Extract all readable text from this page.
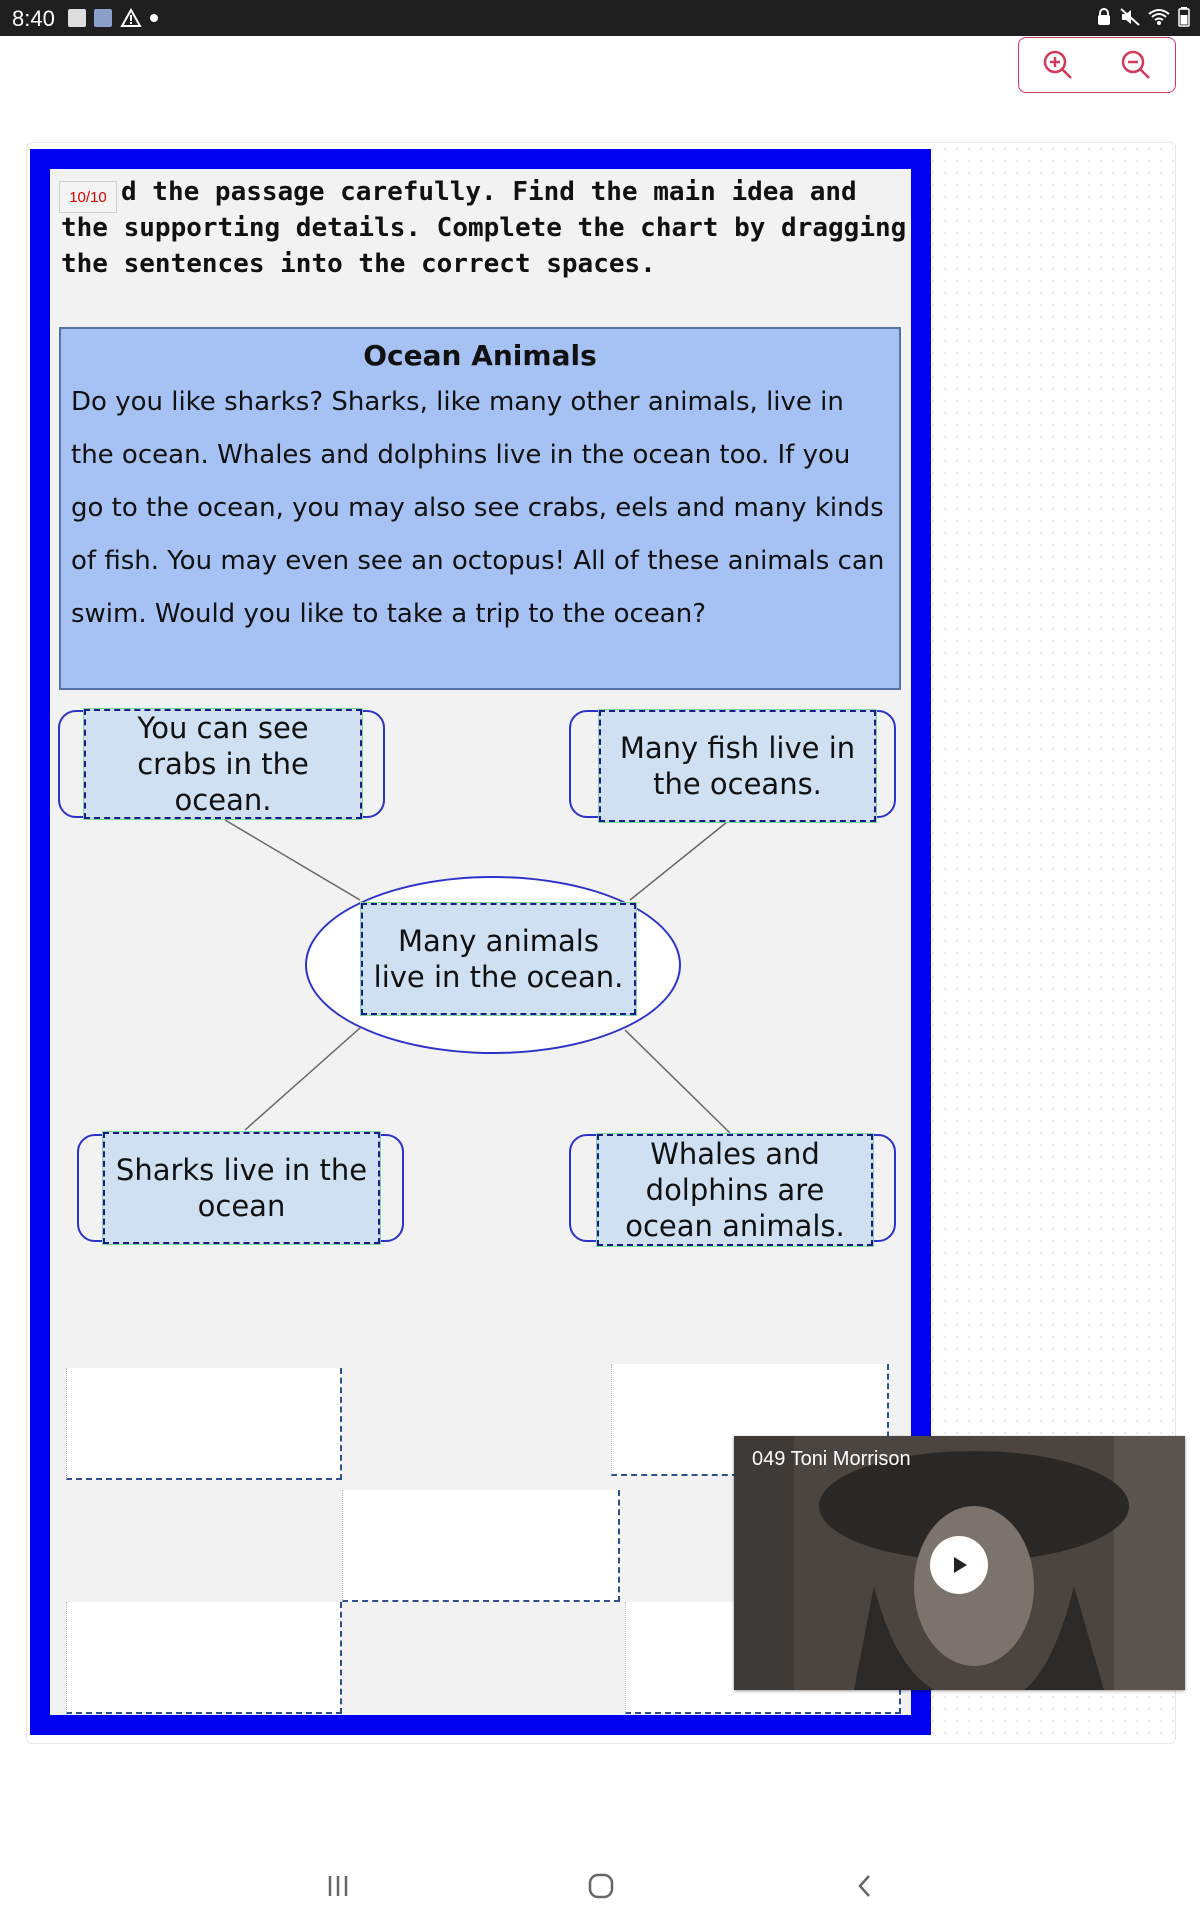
8:40
d the passage carefully. Find the main idea and the supporting details. Complete the chart by dragging the sentences into the correct spaces.
10/10
Ocean Animals
Do you like sharks? Sharks, like many other animals, live in the ocean. Whales and dolphins live in the ocean too. If you go to the ocean, you may also see crabs, eels and many kinds of fish. You may even see an octopus! All of these animals can swim. Would you like to take a trip to the ocean?
You can see crabs in the ocean.
Many fish live in the oceans.
Many animals live in the ocean.
Sharks live in the ocean
Whales and dolphins are ocean animals.
049 Toni Morrison
